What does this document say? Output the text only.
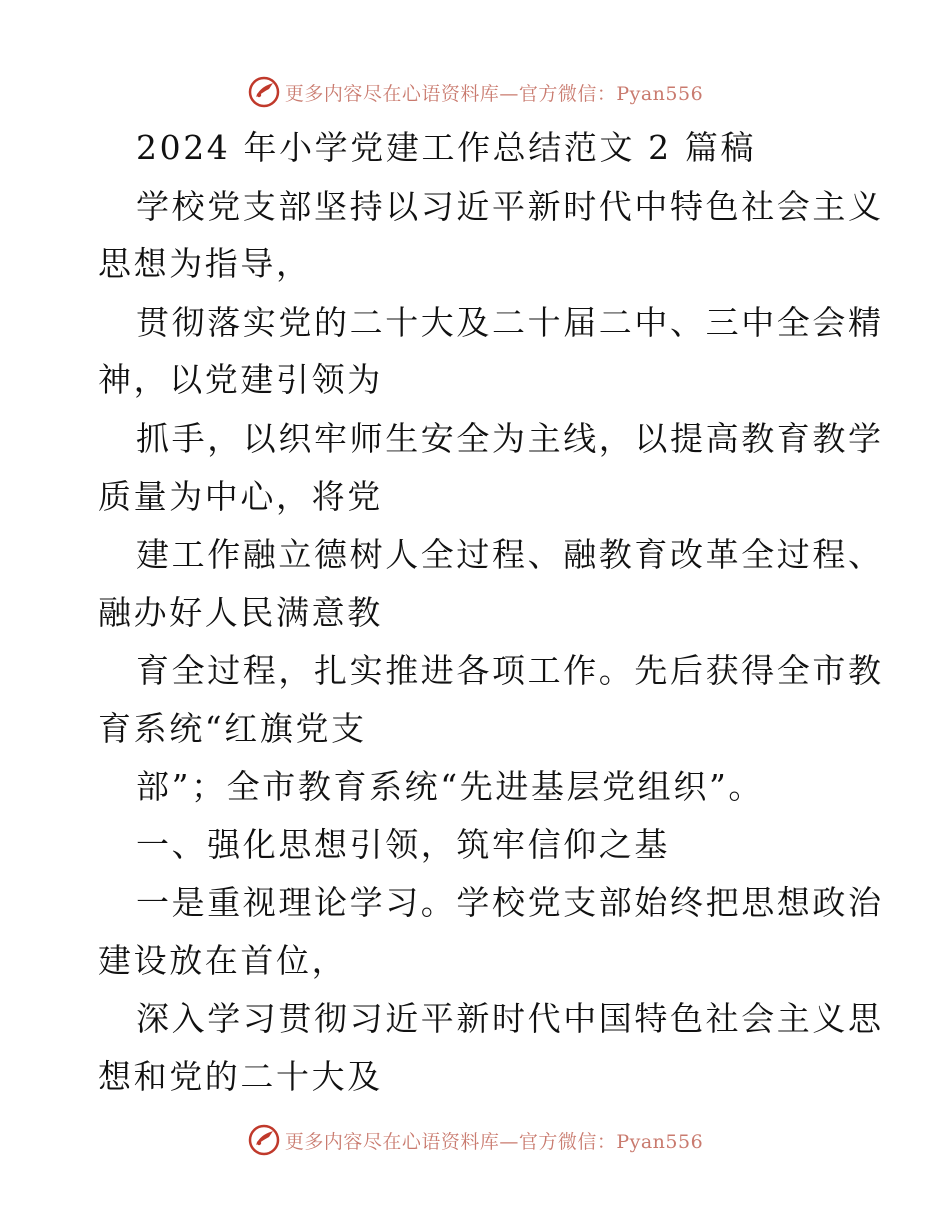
更多内容尽在心语资料库—官方微信：Pyan556
2024 年小学党建工作总结范文 2 篇稿
学校党支部坚持以习近平新时代中特色社会主义
思想为指导，
贯彻落实党的二十大及二十届二中、三中全会精
神，以党建引领为
抓手，以织牢师生安全为主线，以提高教育教学
质量为中心，将党
建工作融立德树人全过程、融教育改革全过程、
融办好人民满意教
育全过程，扎实推进各项工作。先后获得全市教
育系统“红旗党支
部”；全市教育系统“先进基层党组织”。
一、强化思想引领，筑牢信仰之基
一是重视理论学习。学校党支部始终把思想政治
建设放在首位，
深入学习贯彻习近平新时代中国特色社会主义思
想和党的二十大及
更多内容尽在心语资料库—官方微信：Pyan556
